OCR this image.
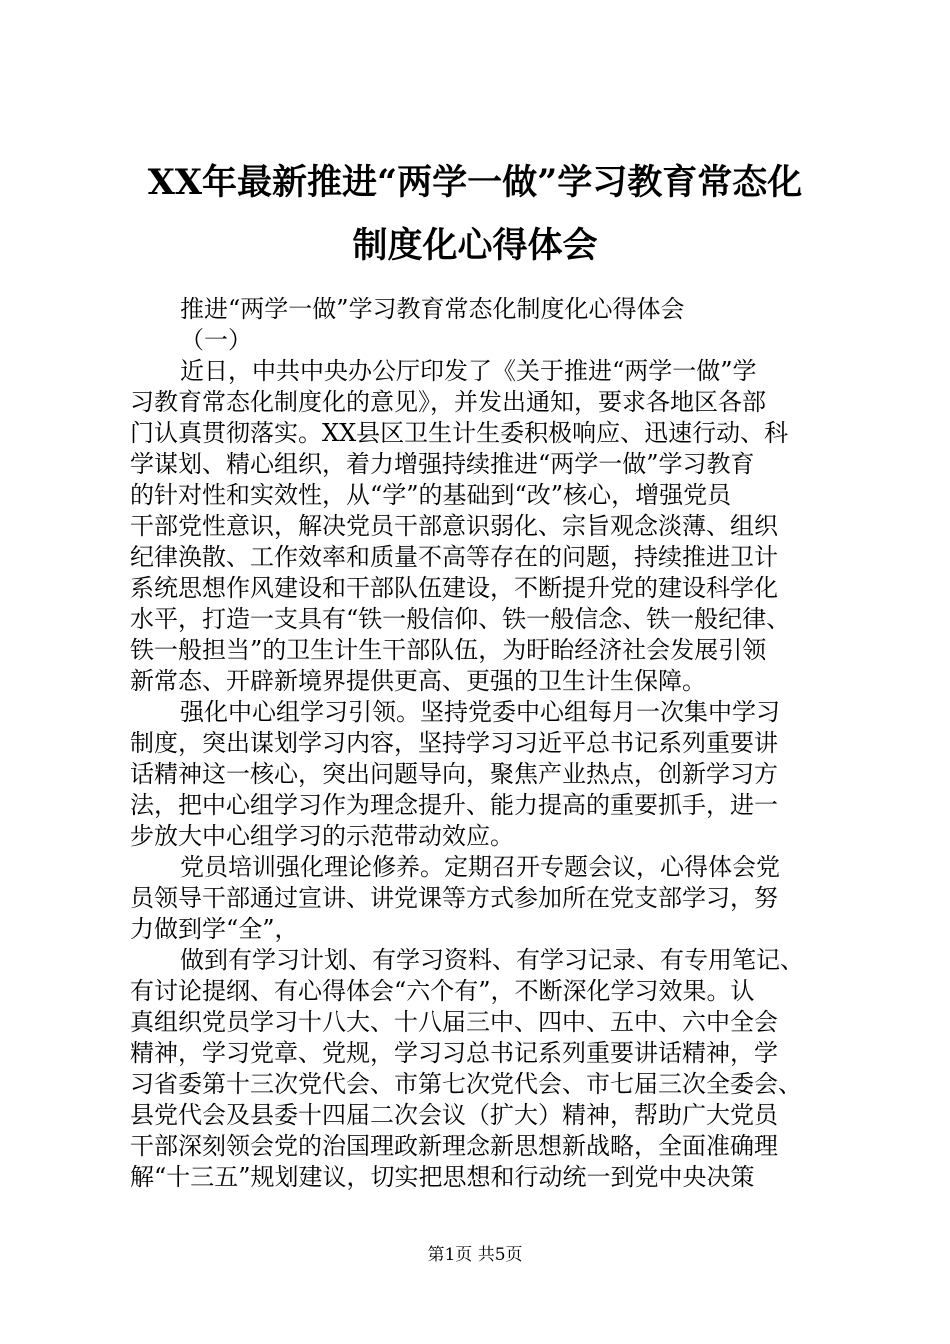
XX年最新推进“两学一做”学习教育常态化
制度化心得体会
推进“两学一做”学习教育常态化制度化心得体会
（一）
近日，中共中央办公厅印发了《关于推进“两学一做”学
习教育常态化制度化的意见》，并发出通知，要求各地区各部
门认真贯彻落实。XX县区卫生计生委积极响应、迅速行动、科
学谋划、精心组织，着力增强持续推进“两学一做”学习教育
的针对性和实效性，从“学”的基础到“改”核心，增强党员
干部党性意识，解决党员干部意识弱化、宗旨观念淡薄、组织
纪律涣散、工作效率和质量不高等存在的问题，持续推进卫计
系统思想作风建设和干部队伍建设，不断提升党的建设科学化
水平，打造一支具有“铁一般信仰、铁一般信念、铁一般纪律、
铁一般担当”的卫生计生干部队伍，为盱眙经济社会发展引领
新常态、开辟新境界提供更高、更强的卫生计生保障。
强化中心组学习引领。坚持党委中心组每月一次集中学习
制度，突出谋划学习内容，坚持学习习近平总书记系列重要讲
话精神这一核心，突出问题导向，聚焦产业热点，创新学习方
法，把中心组学习作为理念提升、能力提高的重要抓手，进一
步放大中心组学习的示范带动效应。
党员培训强化理论修养。定期召开专题会议，心得体会党
员领导干部通过宣讲、讲党课等方式参加所在党支部学习，努
力做到学“全”，
做到有学习计划、有学习资料、有学习记录、有专用笔记、
有讨论提纲、有心得体会“六个有”，不断深化学习效果。认
真组织党员学习十八大、十八届三中、四中、五中、六中全会
精神，学习党章、党规，学习习总书记系列重要讲话精神，学
习省委第十三次党代会、市第七次党代会、市七届三次全委会、
县党代会及县委十四届二次会议（扩大）精神，帮助广大党员
干部深刻领会党的治国理政新理念新思想新战略，全面准确理
解“十三五”规划建议，切实把思想和行动统一到党中央决策
第1页 共5页
